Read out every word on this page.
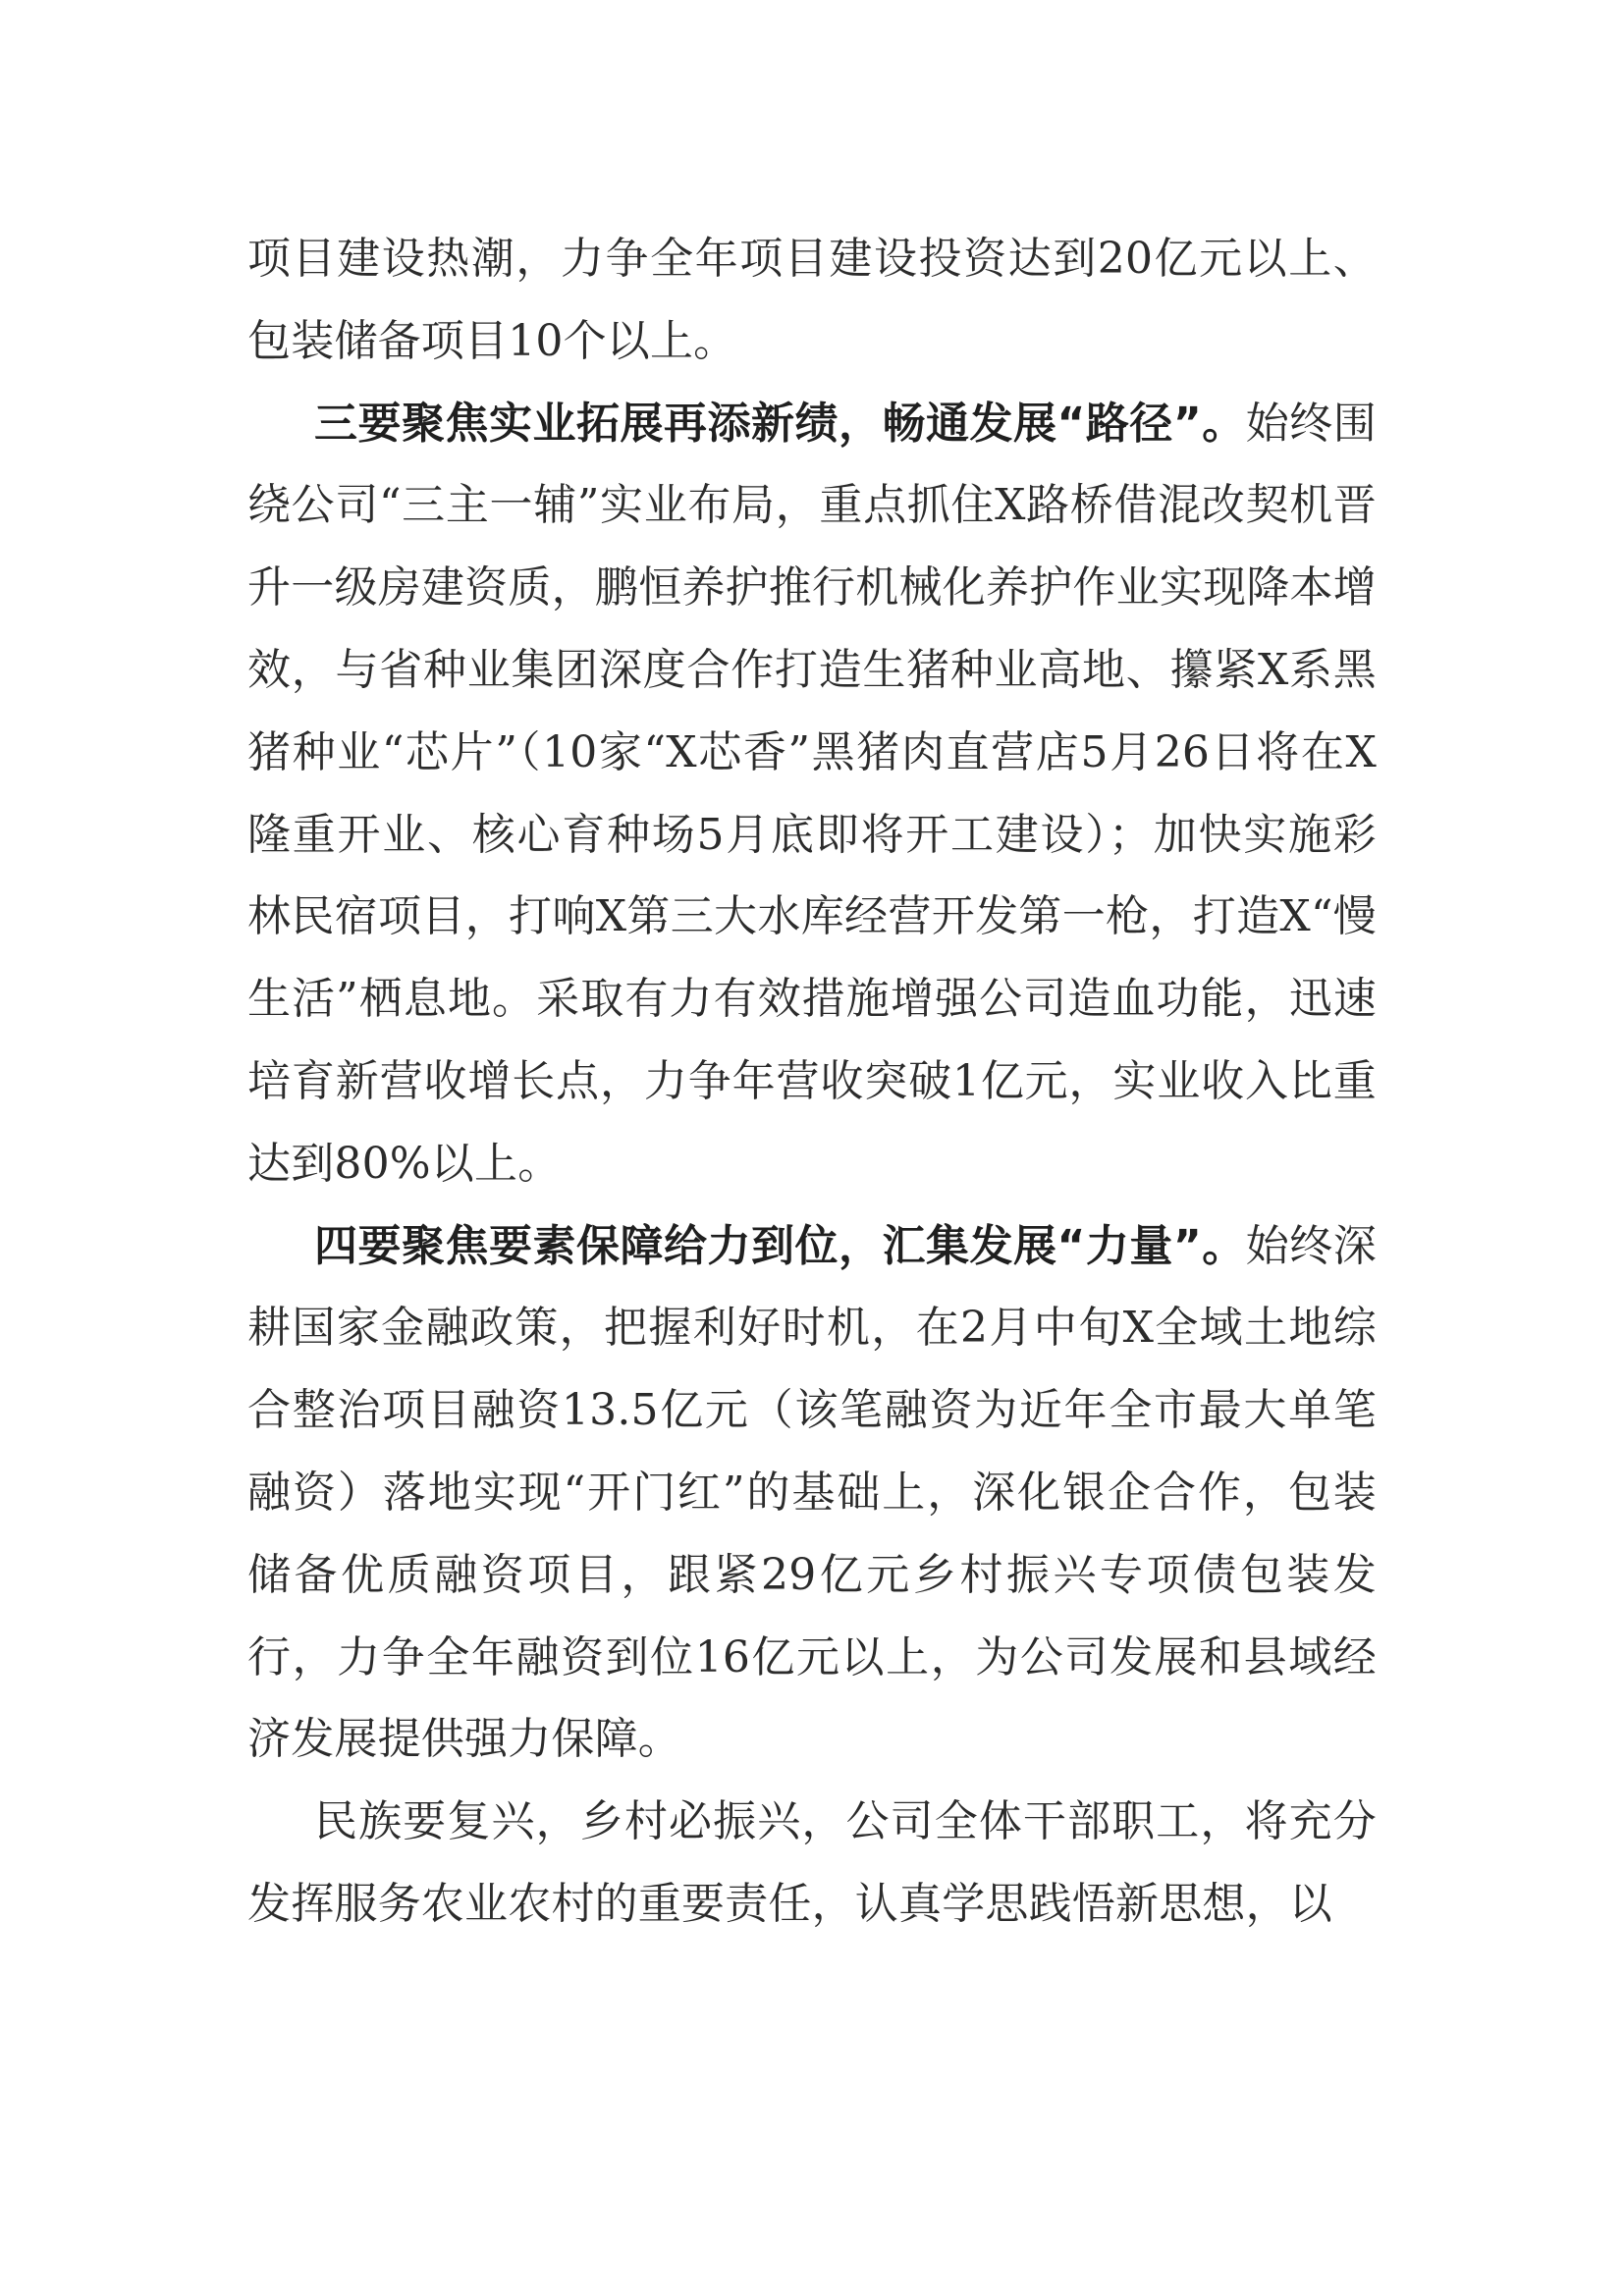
项目建设热潮，力争全年项目建设投资达到20亿元以上、包装储备项目10个以上。

三要聚焦实业拓展再添新绩，畅通发展“路径”。始终围绕公司“三主一辅”实业布局，重点抓住X路桥借混改契机晋升一级房建资质，鹏恒养护推行机械化养护作业实现降本增效，与省种业集团深度合作打造生猪种业高地、攥紧X系黑猪种业“芯片”（10家“X芯香”黑猪肉直营店5月26日将在X隆重开业、核心育种场5月底即将开工建设）；加快实施彩林民宿项目，打响X第三大水库经营开发第一枪，打造X“慢生活”栖息地。采取有力有效措施增强公司造血功能，迅速培育新营收增长点，力争年营收突破1亿元，实业收入比重达到80%以上。

四要聚焦要素保障给力到位，汇集发展“力量”。始终深耕国家金融政策，把握利好时机，在2月中旬X全域土地综合整治项目融资13.5亿元（该笔融资为近年全市最大单笔融资）落地实现“开门红”的基础上，深化银企合作，包装储备优质融资项目，跟紧29亿元乡村振兴专项债包装发行，力争全年融资到位16亿元以上，为公司发展和县域经济发展提供强力保障。

民族要复兴，乡村必振兴，公司全体干部职工，将充分发挥服务农业农村的重要责任，认真学思践悟新思想，以
